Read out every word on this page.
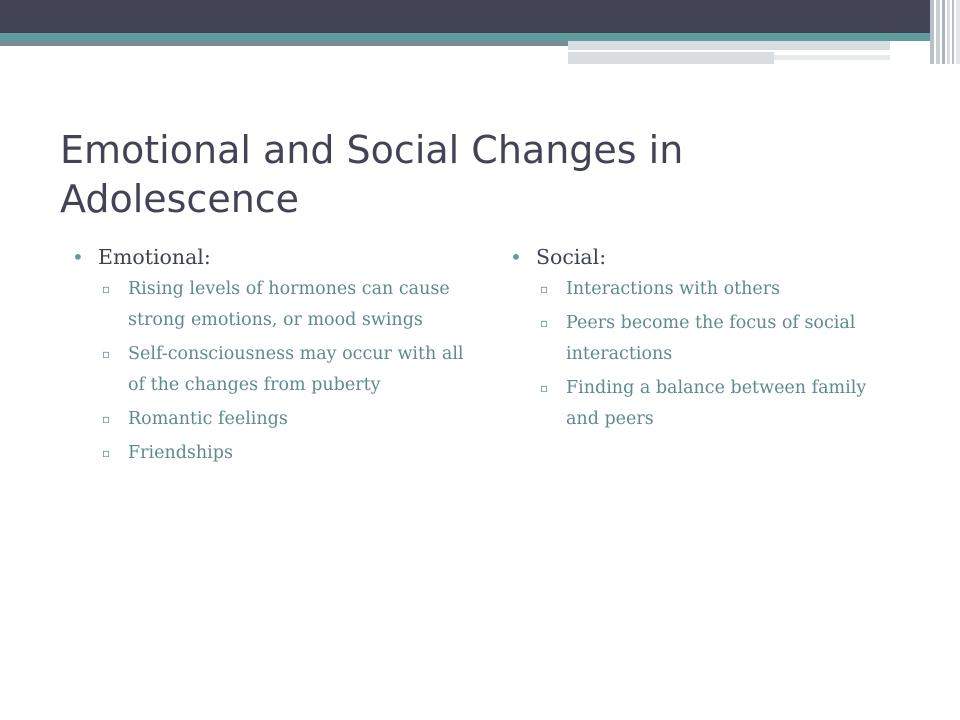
Emotional and Social Changes in Adolescence
• Emotional:
▫ Rising levels of hormones can cause strong emotions, or mood swings
▫ Self-consciousness may occur with all of the changes from puberty
▫ Romantic feelings
▫ Friendships
• Social:
▫ Interactions with others
▫ Peers become the focus of social interactions
▫ Finding a balance between family and peers
